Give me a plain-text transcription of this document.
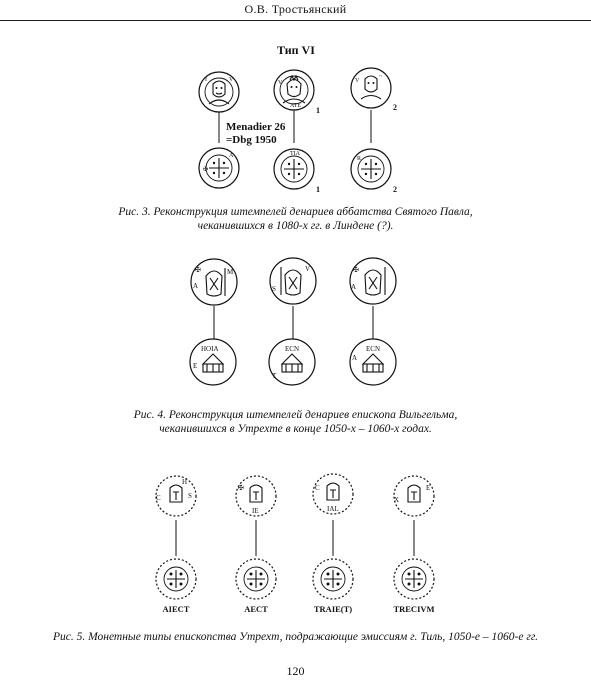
О.В. Тростьянский
Тип VI
Menadier 26
=Dbg 1950
1	2
1	2
Рис. 3. Реконструкция штемпелей денариев аббатства Святого Павла,
чеканившихся в 1080-х гг. в Линдене (?).
Рис. 4. Реконструкция штемпелей денариев епископа Вильгельма,
чеканившихся в Утрехте в конце 1050-х – 1060-х годах.
AIECT	AECT	TRAIE(T)	TRECIVM
Рис. 5. Монетные типы епископства Утрехт, подражающие эмиссиям г. Тиль, 1050-е – 1060-е гг.
120
I	V	V
ATE
V
~
✠
A	TIA
R
✠
A
M
S
V	✠
A
HOIA
E
ECN
T
ECN
A
H
S
C
✠
IE
C
IAL
E
X
